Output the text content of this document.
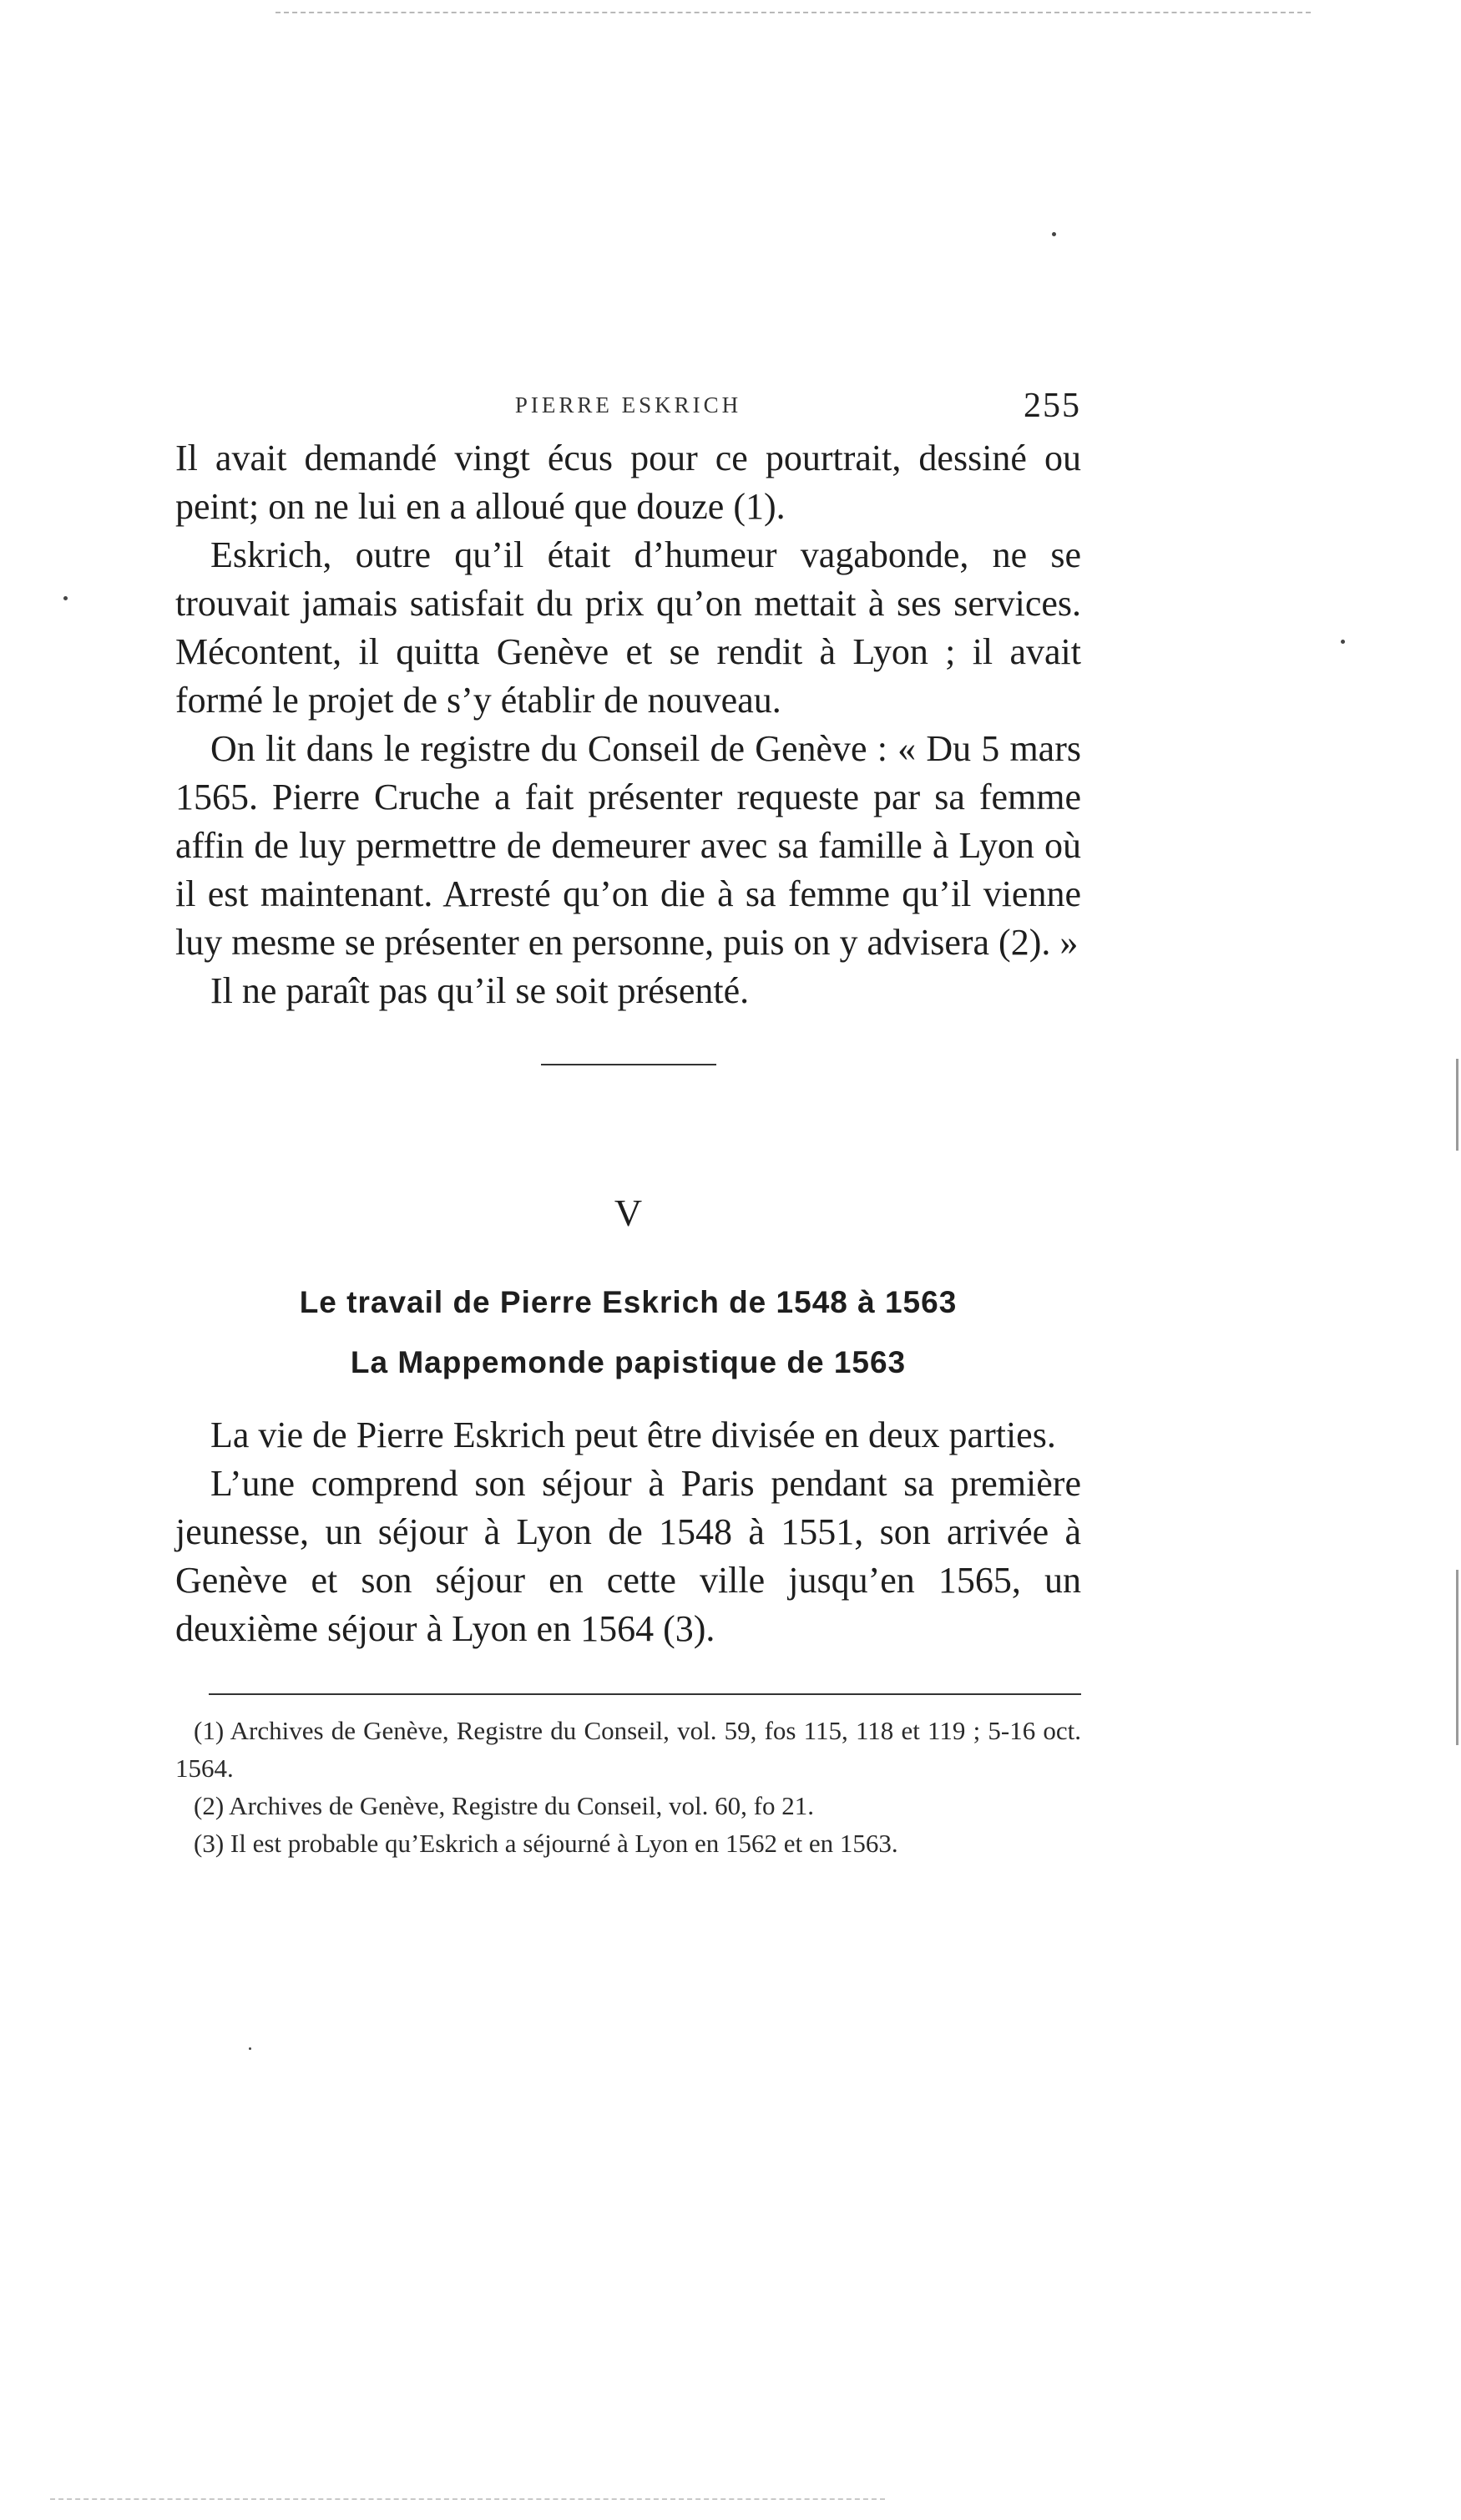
PIERRE ESKRICH	255

Il avait demandé vingt écus pour ce pourtrait, dessiné ou peint; on ne lui en a alloué que douze (1).

Eskrich, outre qu’il était d’humeur vagabonde, ne se trouvait jamais satisfait du prix qu’on mettait à ses services. Mécontent, il quitta Genève et se rendit à Lyon ; il avait formé le projet de s’y établir de nouveau.

On lit dans le registre du Conseil de Genève : « Du 5 mars 1565. Pierre Cruche a fait présenter requeste par sa femme affin de luy permettre de demeurer avec sa famille à Lyon où il est maintenant. Arresté qu’on die à sa femme qu’il vienne luy mesme se présenter en personne, puis on y advisera (2). »

Il ne paraît pas qu’il se soit présenté.

V
Le travail de Pierre Eskrich de 1548 à 1563
La Mappemonde papistique de 1563

La vie de Pierre Eskrich peut être divisée en deux parties.

L’une comprend son séjour à Paris pendant sa première jeunesse, un séjour à Lyon de 1548 à 1551, son arrivée à Genève et son séjour en cette ville jusqu’en 1565, un deuxième séjour à Lyon en 1564 (3).

(1) Archives de Genève, Registre du Conseil, vol. 59, fos 115, 118 et 119 ; 5-16 oct. 1564.

(2) Archives de Genève, Registre du Conseil, vol. 60, fo 21.

(3) Il est probable qu’Eskrich a séjourné à Lyon en 1562 et en 1563.
